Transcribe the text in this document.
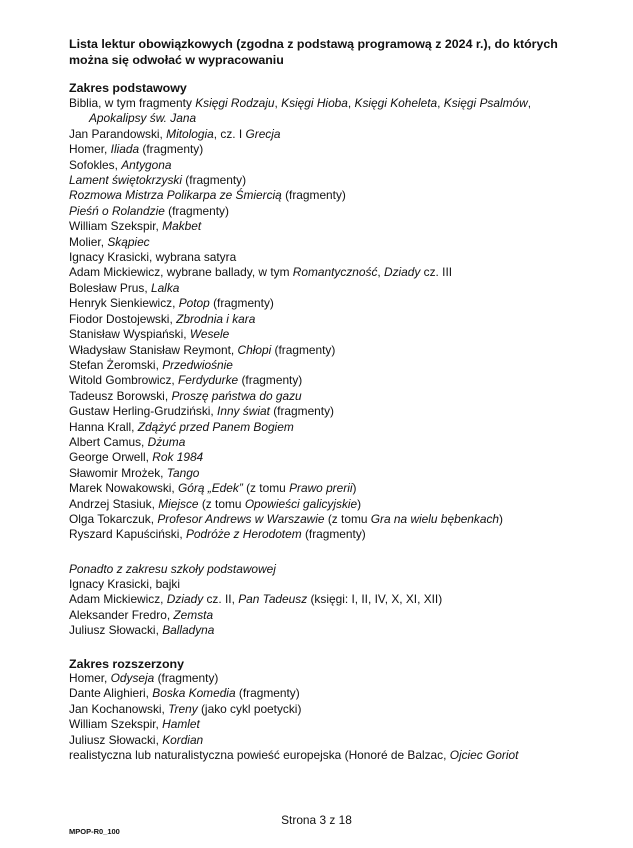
Lista lektur obowiązkowych (zgodna z podstawą programową z 2024 r.), do których
można się odwołać w wypracowaniu
Zakres podstawowy
Biblia, w tym fragmenty Księgi Rodzaju, Księgi Hioba, Księgi Koheleta, Księgi Psalmów,
Apokalipsy św. Jana
Jan Parandowski, Mitologia, cz. I Grecja
Homer, Iliada (fragmenty)
Sofokles, Antygona
Lament świętokrzyski (fragmenty)
Rozmowa Mistrza Polikarpa ze Śmiercią (fragmenty)
Pieśń o Rolandzie (fragmenty)
William Szekspir, Makbet
Molier, Skąpiec
Ignacy Krasicki, wybrana satyra
Adam Mickiewicz, wybrane ballady, w tym Romantyczność, Dziady cz. III
Bolesław Prus, Lalka
Henryk Sienkiewicz, Potop (fragmenty)
Fiodor Dostojewski, Zbrodnia i kara
Stanisław Wyspiański, Wesele
Władysław Stanisław Reymont, Chłopi (fragmenty)
Stefan Żeromski, Przedwiośnie
Witold Gombrowicz, Ferdydurke (fragmenty)
Tadeusz Borowski, Proszę państwa do gazu
Gustaw Herling-Grudziński, Inny świat (fragmenty)
Hanna Krall, Zdążyć przed Panem Bogiem
Albert Camus, Dżuma
George Orwell, Rok 1984
Sławomir Mrożek, Tango
Marek Nowakowski, Górą „Edek” (z tomu Prawo prerii)
Andrzej Stasiuk, Miejsce (z tomu Opowieści galicyjskie)
Olga Tokarczuk, Profesor Andrews w Warszawie (z tomu Gra na wielu bębenkach)
Ryszard Kapuściński, Podróże z Herodotem (fragmenty)
Ponadto z zakresu szkoły podstawowej
Ignacy Krasicki, bajki
Adam Mickiewicz, Dziady cz. II, Pan Tadeusz (księgi: I, II, IV, X, XI, XII)
Aleksander Fredro, Zemsta
Juliusz Słowacki, Balladyna
Zakres rozszerzony
Homer, Odyseja (fragmenty)
Dante Alighieri, Boska Komedia (fragmenty)
Jan Kochanowski, Treny (jako cykl poetycki)
William Szekspir, Hamlet
Juliusz Słowacki, Kordian
realistyczna lub naturalistyczna powieść europejska (Honoré de Balzac, Ojciec Goriot
Strona 3 z 18
MPOP-R0_100
